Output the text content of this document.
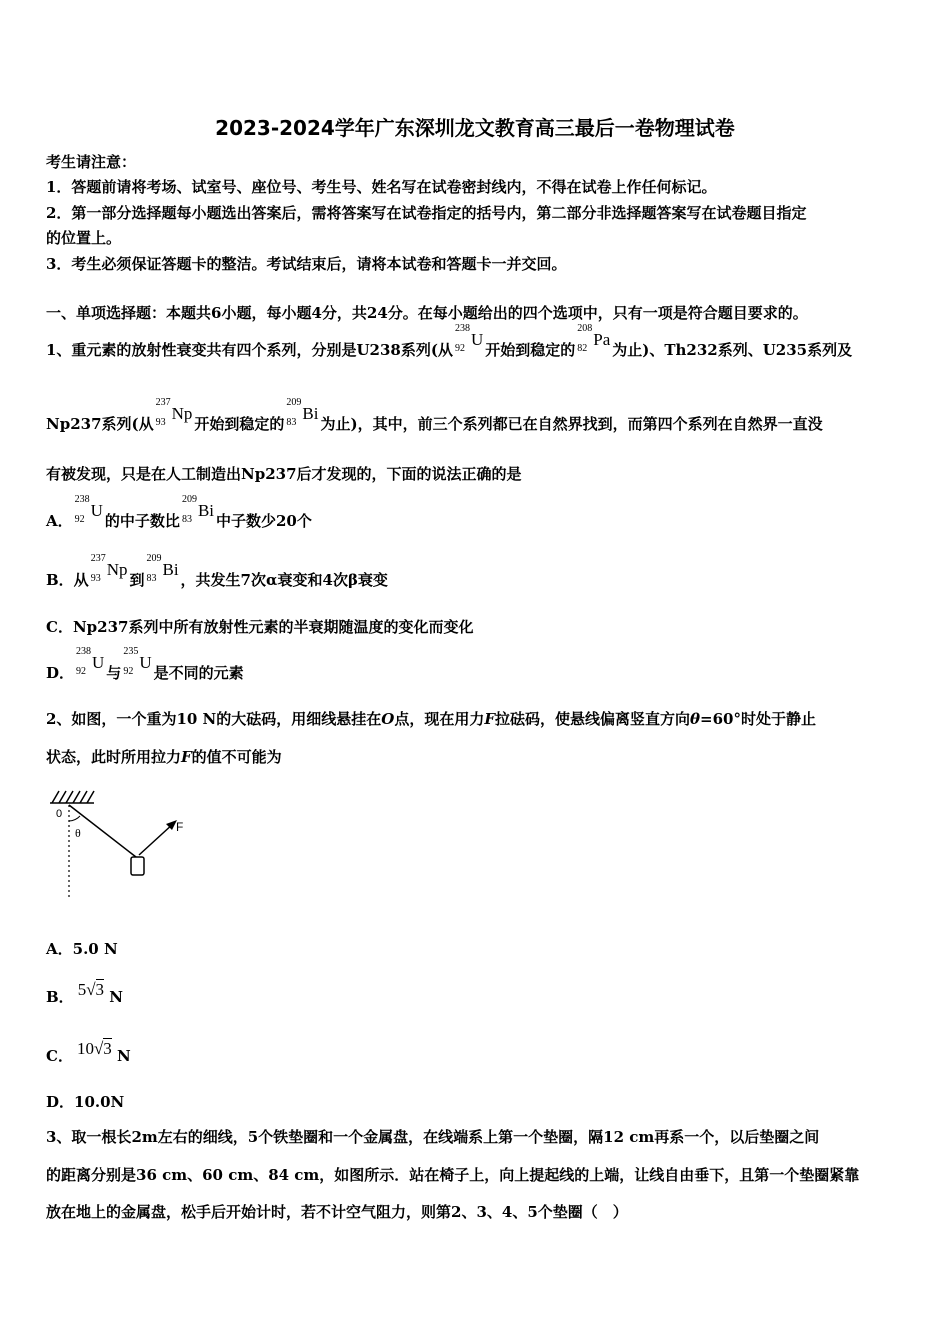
2023-2024学年广东深圳龙文教育高三最后一卷物理试卷
考生请注意：
1．答题前请将考场、试室号、座位号、考生号、姓名写在试卷密封线内，不得在试卷上作任何标记。
2．第一部分选择题每小题选出答案后，需将答案写在试卷指定的括号内，第二部分非选择题答案写在试卷题目指定
的位置上。
3．考生必须保证答题卡的整洁。考试结束后，请将本试卷和答题卡一并交回。
一、单项选择题：本题共6小题，每小题4分，共24分。在每小题给出的四个选项中，只有一项是符合题目要求的。
1、重元素的放射性衰变共有四个系列，分别是U238系列(从
238
92 U开始到稳定的
208
82 Pa为止)、Th232系列、U235系列及
Np237系列(从
237
93 Np开始到稳定的
209
83 Bi为止)，其中，前三个系列都已在自然界找到，而第四个系列在自然界一直没
有被发现，只是在人工制造出Np237后才发现的，下面的说法正确的是
A．
238
92 U的中子数比
209
83 Bi中子数少20个
B．从
237
93 Np到
209
83 Bi，共发生7次α衰变和4次β衰变
C．Np237系列中所有放射性元素的半衰期随温度的变化而变化
D．
238
92 U与
235
92 U是不同的元素
2、如图，一个重为10 N的大砝码，用细线悬挂在O点，现在用力F拉砝码，使悬线偏离竖直方向θ=60°时处于静止
状态，此时所用拉力F的值不可能为
0
θ	F
A．5.0 N
B． 5√3 N
C． 10√3 N
D．10.0N
3、取一根长2m左右的细线，5个铁垫圈和一个金属盘，在线端系上第一个垫圈，隔12 cm再系一个，以后垫圈之间
的距离分别是36 cm、60 cm、84 cm，如图所示．站在椅子上，向上提起线的上端，让线自由垂下，且第一个垫圈紧靠
放在地上的金属盘，松手后开始计时，若不计空气阻力，则第2、3、4、5个垫圈（　）
